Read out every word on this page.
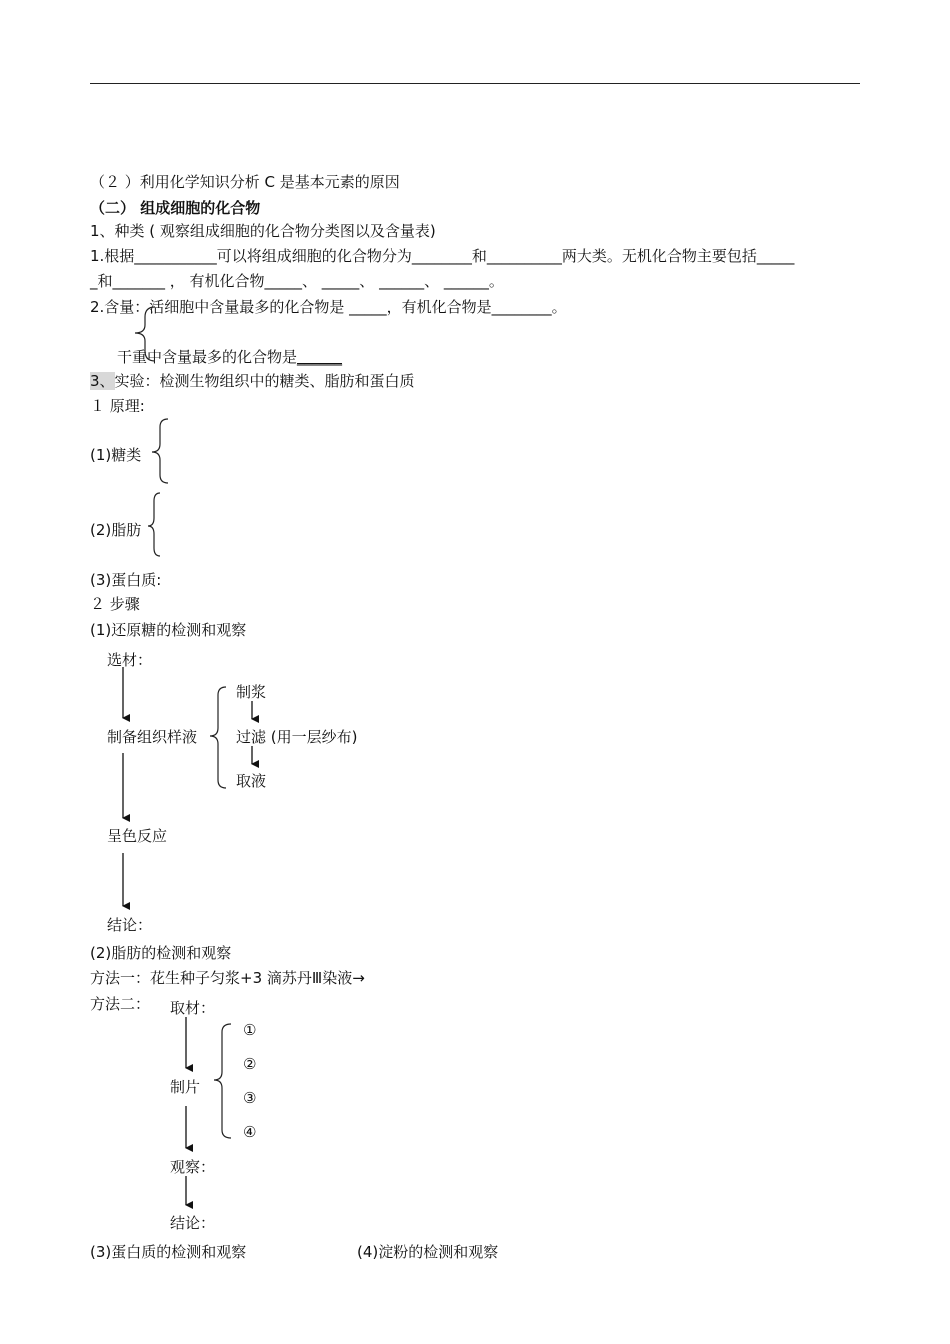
（２ ）利用化学知识分析 C 是基本元素的原因
（二） 组成细胞的化合物
1、种类 ( 观察组成细胞的化合物分类图以及含量表)
1.根据___________可以将组成细胞的化合物分为________和__________两大类。无机化合物主要包括_____
_和_______ ， 有机化合物_____、 _____、 ______、 ______。
2.含量：活细胞中含量最多的化合物是 _____，有机化合物是________。
干重中含量最多的化合物是______
3、实验：检测生物组织中的糖类、脂肪和蛋白质
１ 原理:
(1)糖类
(2)脂肪
(3)蛋白质:
２ 步骤
(1)还原糖的检测和观察
选材：
制备组织样液
制浆
过滤 (用一层纱布)
取液
呈色反应
结论：
(2)脂肪的检测和观察
方法一：花生种子匀浆+3 滴苏丹Ⅲ染液→
方法二： 取材：
制片
观察：
结论：
①
②
③
④
(3)蛋白质的检测和观察	(4)淀粉的检测和观察
